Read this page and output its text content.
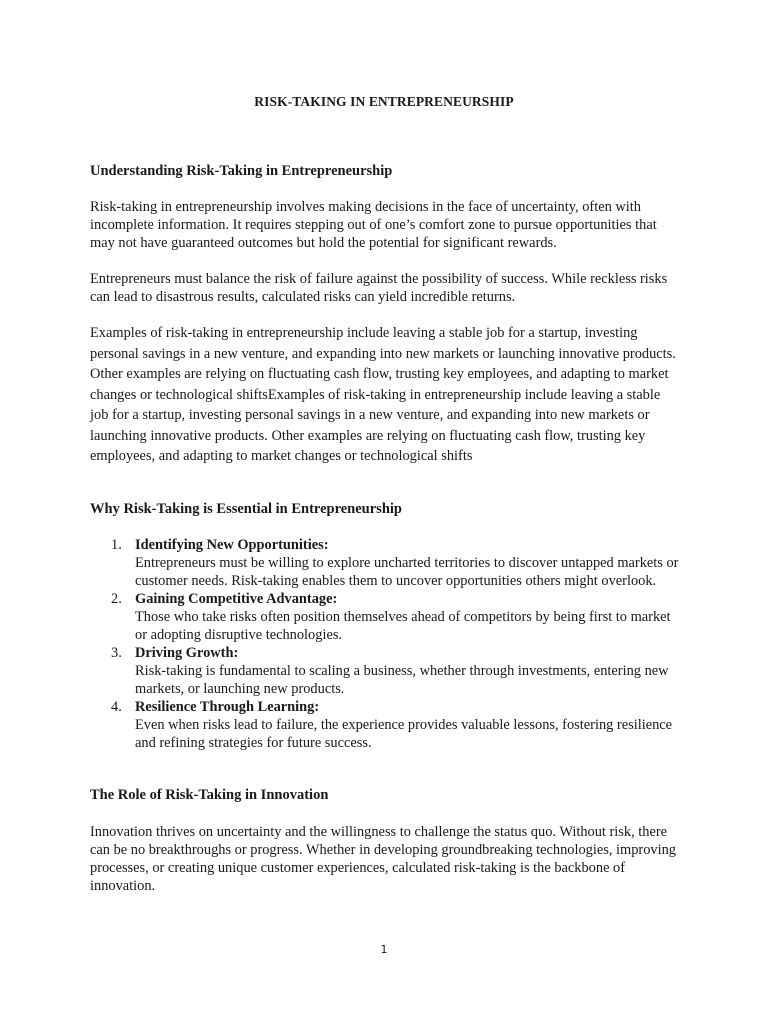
RISK-TAKING IN ENTREPRENEURSHIP
Understanding Risk-Taking in Entrepreneurship
Risk-taking in entrepreneurship involves making decisions in the face of uncertainty, often with incomplete information. It requires stepping out of one’s comfort zone to pursue opportunities that may not have guaranteed outcomes but hold the potential for significant rewards.
Entrepreneurs must balance the risk of failure against the possibility of success. While reckless risks can lead to disastrous results, calculated risks can yield incredible returns.
Examples of risk-taking in entrepreneurship include leaving a stable job for a startup, investing personal savings in a new venture, and expanding into new markets or launching innovative products. Other examples are relying on fluctuating cash flow, trusting key employees, and adapting to market changes or technological shiftsExamples of risk-taking in entrepreneurship include leaving a stable job for a startup, investing personal savings in a new venture, and expanding into new markets or launching innovative products. Other examples are relying on fluctuating cash flow, trusting key employees, and adapting to market changes or technological shifts
Why Risk-Taking is Essential in Entrepreneurship
1. Identifying New Opportunities:
Entrepreneurs must be willing to explore uncharted territories to discover untapped markets or customer needs. Risk-taking enables them to uncover opportunities others might overlook.
2. Gaining Competitive Advantage:
Those who take risks often position themselves ahead of competitors by being first to market or adopting disruptive technologies.
3. Driving Growth:
Risk-taking is fundamental to scaling a business, whether through investments, entering new markets, or launching new products.
4. Resilience Through Learning:
Even when risks lead to failure, the experience provides valuable lessons, fostering resilience and refining strategies for future success.
The Role of Risk-Taking in Innovation
Innovation thrives on uncertainty and the willingness to challenge the status quo. Without risk, there can be no breakthroughs or progress. Whether in developing groundbreaking technologies, improving processes, or creating unique customer experiences, calculated risk-taking is the backbone of innovation.
1
